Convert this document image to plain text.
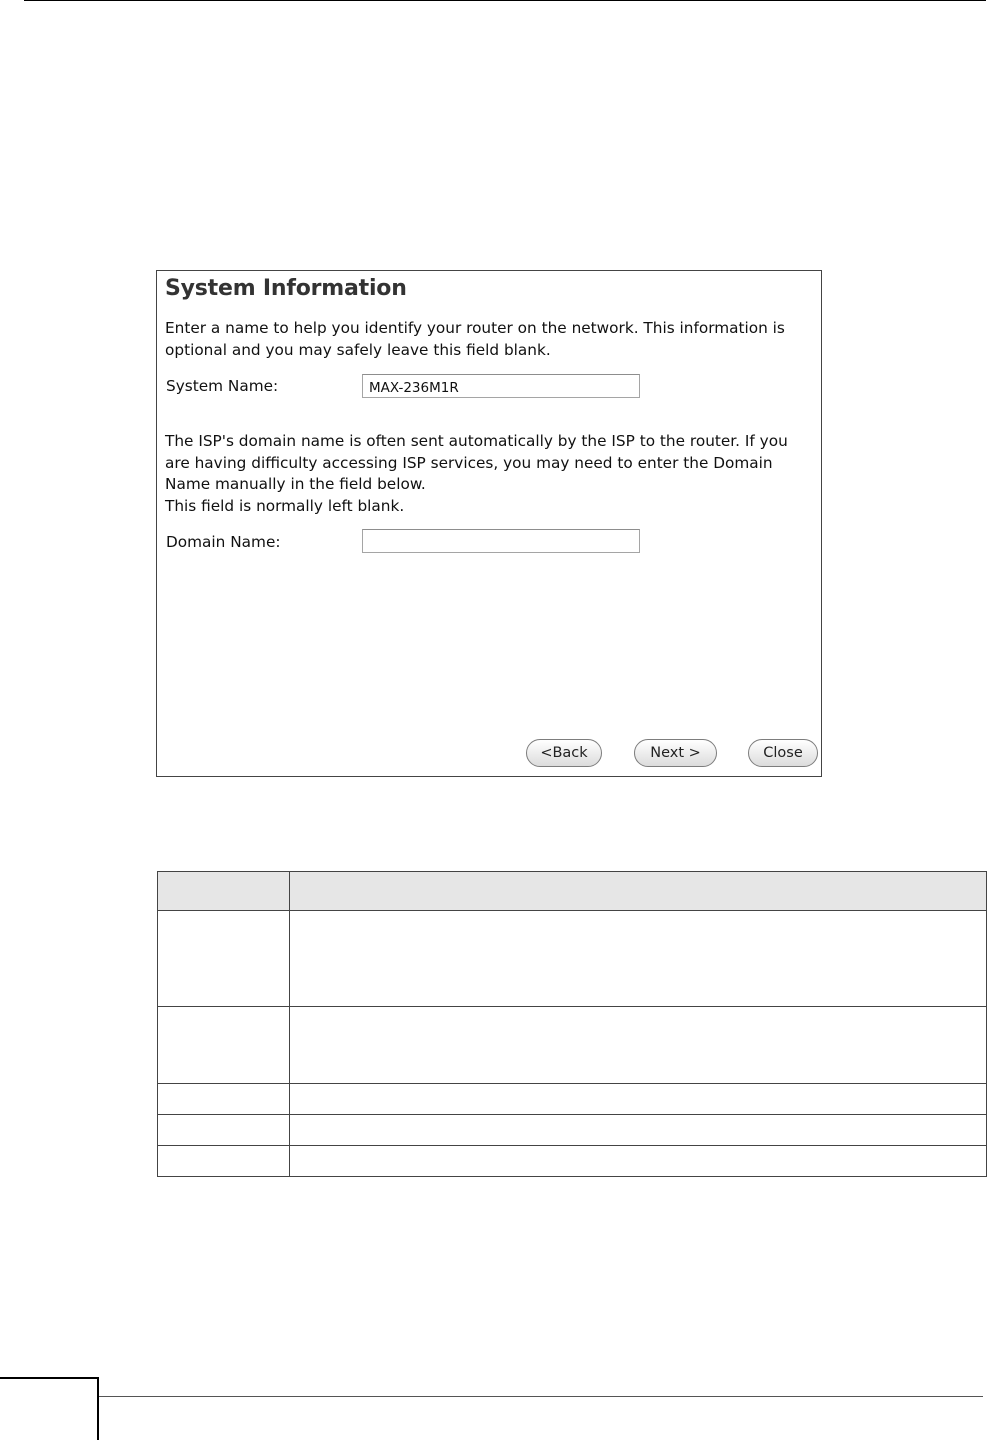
System Information
Enter a name to help you identify your router on the network. This information is optional and you may safely leave this field blank.
System Name:
MAX-236M1R
The ISP's domain name is often sent automatically by the ISP to the router. If you are having difficulty accessing ISP services, you may need to enter the Domain Name manually in the field below.
This field is normally left blank.
Domain Name:
<Back	Next >	Close
